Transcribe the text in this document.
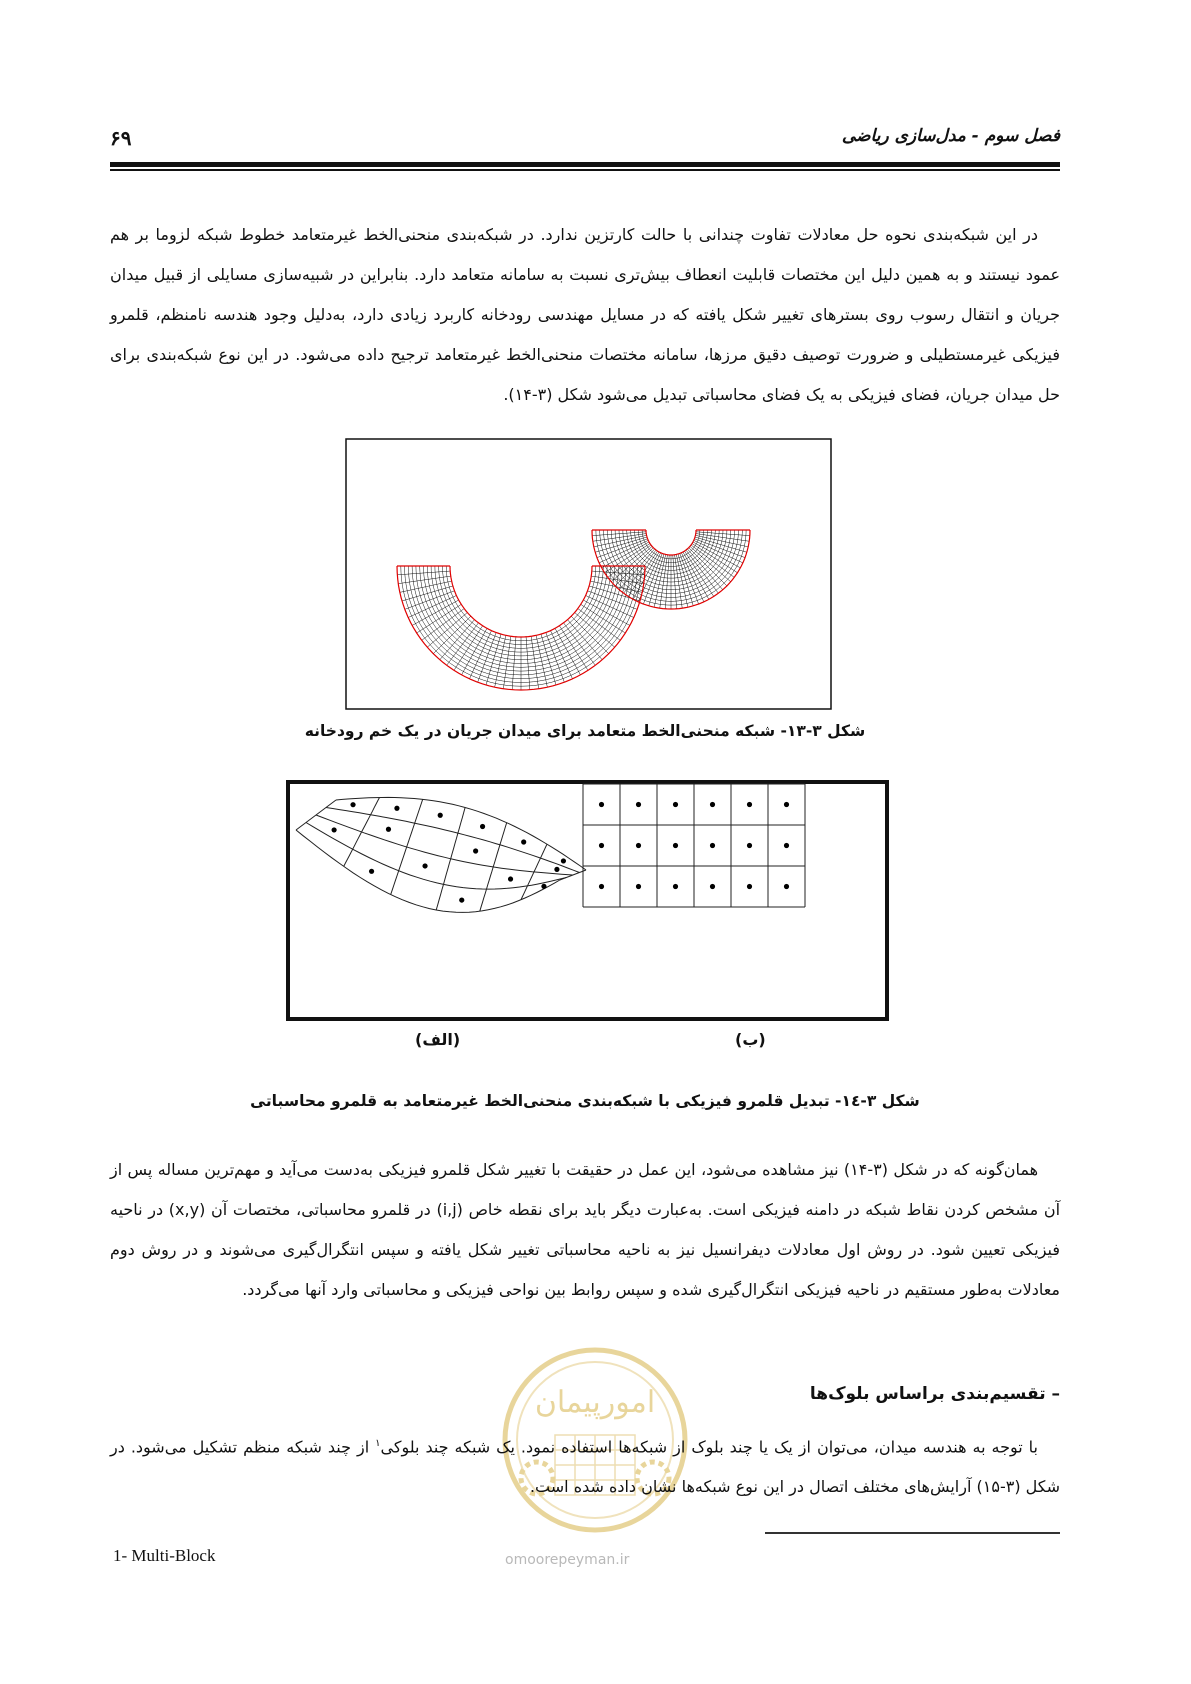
۶۹	فصل سوم - مدل‌سازی ریاضی

در این شبکه‌بندی نحوه حل معادلات تفاوت چندانی با حالت کارتزین ندارد. در شبکه‌بندی منحنی‌الخط غیرمتعامد خطوط شبکه لزوما بر هم عمود نیستند و به همین دلیل این مختصات قابلیت انعطاف بیش‌تری نسبت به سامانه متعامد دارد. بنابراین در شبیه‌سازی مسایلی از قبیل میدان جریان و انتقال رسوب روی بسترهای تغییر شکل یافته که در مسایل مهندسی رودخانه کاربرد زیادی دارد، به‌دلیل وجود هندسه نامنظم، قلمرو فیزیکی غیرمستطیلی و ضرورت توصیف دقیق مرزها، سامانه مختصات منحنی‌الخط غیرمتعامد ترجیح داده می‌شود. در این نوع شبکه‌بندی برای حل میدان جریان، فضای فیزیکی به یک فضای محاسباتی تبدیل می‌شود شکل (۳-۱۴).

شکل ۳-۱۳- شبکه منحنی‌الخط متعامد برای میدان جریان در یک خم رودخانه
(الف)	(ب)
شکل ۳-۱٤- تبدیل قلمرو فیزیکی با شبکه‌بندی منحنی‌الخط غیرمتعامد به قلمرو محاسباتی

همان‌گونه که در شکل (۳-۱۴) نیز مشاهده می‌شود، این عمل در حقیقت با تغییر شکل قلمرو فیزیکی به‌دست می‌آید و مهم‌ترین مساله پس از آن مشخص کردن نقاط شبکه در دامنه فیزیکی است. به‌عبارت دیگر باید برای نقطه خاص (i,j) در قلمرو محاسباتی، مختصات آن (x,y) در ناحیه فیزیکی تعیین شود. در روش اول معادلات دیفرانسیل نیز به ناحیه محاسباتی تغییر شکل یافته و سپس انتگرال‌گیری می‌شوند و در روش دوم معادلات به‌طور مستقیم در ناحیه فیزیکی انتگرال‌گیری شده و سپس روابط بین نواحی فیزیکی و محاسباتی وارد آنها می‌گردد.

امورپیمان
omoorepeyman.ir
– تقسیم‌بندی براساس بلوک‌ها

با توجه به هندسه میدان، می‌توان از یک یا چند بلوک از شبکه‌ها استفاده نمود. یک شبکه چند بلوکی$^۱$ از چند شبکه منظم تشکیل می‌شود. در شکل (۳-۱۵) آرایش‌های مختلف اتصال در این نوع شبکه‌ها نشان داده شده است.

1- Multi-Block
